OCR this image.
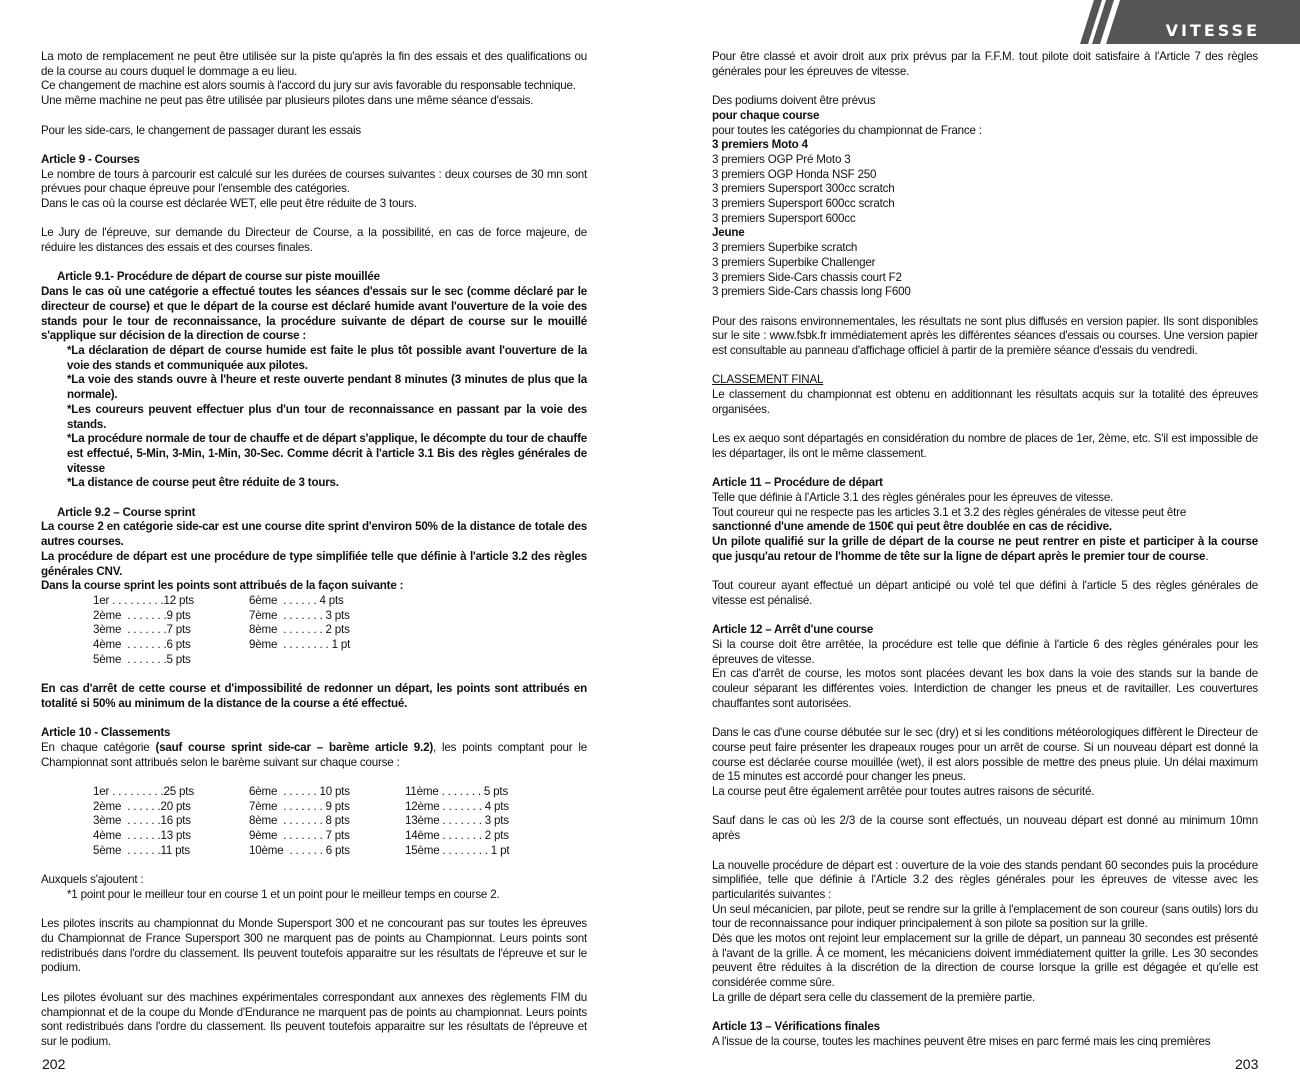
VITESSE
La moto de remplacement ne peut être utilisée sur la piste qu'après la fin des essais et des qualifications ou de la course au cours duquel le dommage a eu lieu.
Ce changement de machine est alors soumis à l'accord du jury sur avis favorable du responsable technique.
Une même machine ne peut pas être utilisée par plusieurs pilotes dans une même séance d'essais.
Pour les side-cars, le changement de passager durant les essais
Article 9 - Courses
Le nombre de tours à parcourir est calculé sur les durées de courses suivantes : deux courses de 30 mn sont prévues pour chaque épreuve pour l'ensemble des catégories.
Dans le cas où la course est déclarée WET, elle peut être réduite de 3 tours.
Le Jury de l'épreuve, sur demande du Directeur de Course, a la possibilité, en cas de force majeure, de réduire les distances des essais et des courses finales.
Article 9.1- Procédure de départ de course sur piste mouillée
Dans le cas où une catégorie a effectué toutes les séances d'essais sur le sec (comme déclaré par le directeur de course) et que le départ de la course est déclaré humide avant l'ouverture de la voie des stands pour le tour de reconnaissance, la procédure suivante de départ de course sur le mouillé s'applique sur décision de la direction de course :
*La déclaration de départ de course humide est faite le plus tôt possible avant l'ouverture de la voie des stands et communiquée aux pilotes.
*La voie des stands ouvre à l'heure et reste ouverte pendant 8 minutes (3 minutes de plus que la normale).
*Les coureurs peuvent effectuer plus d'un tour de reconnaissance en passant par la voie des stands.
*La procédure normale de tour de chauffe et de départ s'applique, le décompte du tour de chauffe est effectué, 5-Min, 3-Min, 1-Min, 30-Sec. Comme décrit à l'article 3.1 Bis des règles générales de vitesse
*La distance de course peut être réduite de 3 tours.
Article 9.2 – Course sprint
La course 2 en catégorie side-car est une course dite sprint d'environ 50% de la distance de totale des autres courses.
La procédure de départ est une procédure de type simplifiée telle que définie à l'article 3.2 des règles générales CNV.
Dans la course sprint les points sont attribués de la façon suivante :
1er . . . . . . . . .12 pts	6ème  . . . . . . 4 pts
2ème  . . . . . . .9 pts	7ème  . . . . . . . 3 pts
3ème  . . . . . . .7 pts	8ème  . . . . . . . 2 pts
4ème  . . . . . . .6 pts	9ème  . . . . . . . . 1 pt
5ème  . . . . . . .5 pts
En cas d'arrêt de cette course et d'impossibilité de redonner un départ, les points sont attribués en totalité si 50% au minimum de la distance de la course a été effectué.
Article 10 - Classements
En chaque catégorie (sauf course sprint side-car – barème article 9.2), les points comptant pour le Championnat sont attribués selon le barème suivant sur chaque course :
1er . . . . . . . . .25 pts	6ème  . . . . . . 10 pts	11ème . . . . . . . 5 pts
2ème  . . . . . .20 pts	7ème  . . . . . . . 9 pts	12ème . . . . . . . 4 pts
3ème  . . . . . .16 pts	8ème  . . . . . . . 8 pts	13ème . . . . . . . 3 pts
4ème  . . . . . .13 pts	9ème  . . . . . . . 7 pts	14ème . . . . . . . 2 pts
5ème  . . . . . .11 pts	10ème  . . . . . . 6 pts	15ème . . . . . . . . 1 pt
Auxquels s'ajoutent :
*1 point pour le meilleur tour en course 1 et un point pour le meilleur temps en course 2.
Les pilotes inscrits au championnat du Monde Supersport 300 et ne concourant pas sur toutes les épreuves du Championnat de France Supersport 300 ne marquent pas de points au Championnat. Leurs points sont redistribués dans l'ordre du classement. Ils peuvent toutefois apparaitre sur les résultats de l'épreuve et sur le podium.
Les pilotes évoluant sur des machines expérimentales correspondant aux annexes des règlements FIM du championnat et de la coupe du Monde d'Endurance ne marquent pas de points au championnat. Leurs points sont redistribués dans l'ordre du classement. Ils peuvent toutefois apparaitre sur les résultats de l'épreuve et sur le podium.
202
Pour être classé et avoir droit aux prix prévus par la F.F.M. tout pilote doit satisfaire à l'Article 7 des règles générales pour les épreuves de vitesse.
Des podiums doivent être prévus
pour chaque course
pour toutes les catégories du championnat de France :
3 premiers Moto 4
3 premiers OGP Pré Moto 3
3 premiers OGP Honda NSF 250
3 premiers Supersport 300cc scratch
3 premiers Supersport 600cc scratch
3 premiers Supersport 600cc
Jeune
3 premiers Superbike scratch
3 premiers Superbike Challenger
3 premiers Side-Cars chassis court F2
3 premiers Side-Cars chassis long F600
Pour des raisons environnementales, les résultats ne sont plus diffusés en version papier. Ils sont disponibles sur le site : www.fsbk.fr immédiatement après les différentes séances d'essais ou courses. Une version papier est consultable au panneau d'affichage officiel à partir de la première séance d'essais du vendredi.
CLASSEMENT FINAL
Le classement du championnat est obtenu en additionnant les résultats acquis sur la totalité des épreuves organisées.
Les ex aequo sont départagés en considération du nombre de places de 1er, 2ème, etc. S'il est impossible de les départager, ils ont le même classement.
Article 11 – Procédure de départ
Telle que définie à l'Article 3.1 des règles générales pour les épreuves de vitesse.
Tout coureur qui ne respecte pas les articles 3.1 et 3.2 des règles générales de vitesse peut être
sanctionné d'une amende de 150€ qui peut être doublée en cas de récidive.
Un pilote qualifié sur la grille de départ de la course ne peut rentrer en piste et participer à la course que jusqu'au retour de l'homme de tête sur la ligne de départ après le premier tour de course.
Tout coureur ayant effectué un départ anticipé ou volé tel que défini à l'article 5 des règles générales de vitesse est pénalisé.
Article 12 – Arrêt d'une course
Si la course doit être arrêtée, la procédure est telle que définie à l'article 6 des règles générales pour les épreuves de vitesse.
En cas d'arrêt de course, les motos sont placées devant les box dans la voie des stands sur la bande de couleur séparant les différentes voies. Interdiction de changer les pneus et de ravitailler. Les couvertures chauffantes sont autorisées.
Dans le cas d'une course débutée sur le sec (dry) et si les conditions météorologiques diffèrent le Directeur de course peut faire présenter les drapeaux rouges pour un arrêt de course. Si un nouveau départ est donné la course est déclarée course mouillée (wet), il est alors possible de mettre des pneus pluie. Un délai maximum de 15 minutes est accordé pour changer les pneus.
La course peut être également arrêtée pour toutes autres raisons de sécurité.
Sauf dans le cas où les 2/3 de la course sont effectués, un nouveau départ est donné au minimum 10mn après
La nouvelle procédure de départ est : ouverture de la voie des stands pendant 60 secondes puis la procédure simplifiée, telle que définie à l'Article 3.2 des règles générales pour les épreuves de vitesse avec les particularités suivantes :
Un seul mécanicien, par pilote, peut se rendre sur la grille à l'emplacement de son coureur (sans outils) lors du tour de reconnaissance pour indiquer principalement à son pilote sa position sur la grille.
Dès que les motos ont rejoint leur emplacement sur la grille de départ, un panneau 30 secondes est présenté à l'avant de la grille. À ce moment, les mécaniciens doivent immédiatement quitter la grille. Les 30 secondes peuvent être réduites à la discrétion de la direction de course lorsque la grille est dégagée et qu'elle est considérée comme sûre.
La grille de départ sera celle du classement de la première partie.
Article 13 – Vérifications finales
A l'issue de la course, toutes les machines peuvent être mises en parc fermé mais les cinq premières
203
